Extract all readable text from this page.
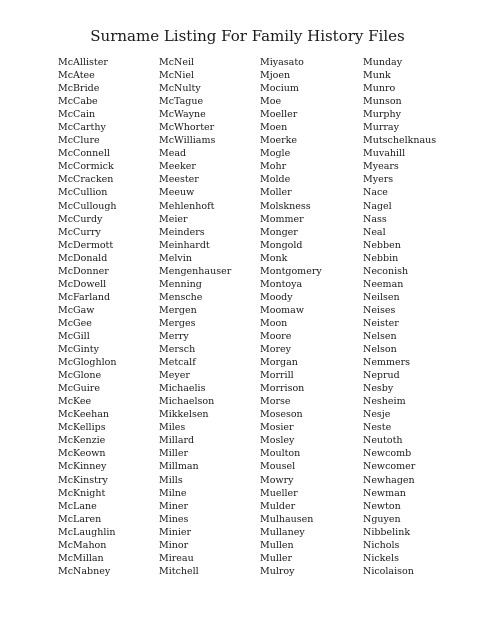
Surname Listing For Family History Files
McAllister
McAtee
McBride
McCabe
McCain
McCarthy
McClure
McConnell
McCormick
McCracken
McCullion
McCullough
McCurdy
McCurry
McDermott
McDonald
McDonner
McDowell
McFarland
McGaw
McGee
McGill
McGinty
McGloghlon
McGlone
McGuire
McKee
McKeehan
McKellips
McKenzie
McKeown
McKinney
McKinstry
McKnight
McLane
McLaren
McLaughlin
McMahon
McMillan
McNabney
McNeil
McNiel
McNulty
McTague
McWayne
McWhorter
McWilliams
Mead
Meeker
Meester
Meeuw
Mehlenhoft
Meier
Meinders
Meinhardt
Melvin
Mengenhauser
Menning
Mensche
Mergen
Merges
Merry
Mersch
Metcalf
Meyer
Michaelis
Michaelson
Mikkelsen
Miles
Millard
Miller
Millman
Mills
Milne
Miner
Mines
Minier
Minor
Mireau
Mitchell
Miyasato
Mjoen
Mocium
Moe
Moeller
Moen
Moerke
Mogle
Mohr
Molde
Moller
Molskness
Mommer
Monger
Mongold
Monk
Montgomery
Montoya
Moody
Moomaw
Moon
Moore
Morey
Morgan
Morrill
Morrison
Morse
Moseson
Mosier
Mosley
Moulton
Mousel
Mowry
Mueller
Mulder
Mulhausen
Mullaney
Mullen
Muller
Mulroy
Munday
Munk
Munro
Munson
Murphy
Murray
Mutschelknaus
Muvahill
Myears
Myers
Nace
Nagel
Nass
Neal
Nebben
Nebbin
Neconish
Neeman
Neilsen
Neises
Neister
Nelsen
Nelson
Nemmers
Neprud
Nesby
Nesheim
Nesje
Neste
Neutoth
Newcomb
Newcomer
Newhagen
Newman
Newton
Nguyen
Nibbelink
Nichols
Nickels
Nicolaison
